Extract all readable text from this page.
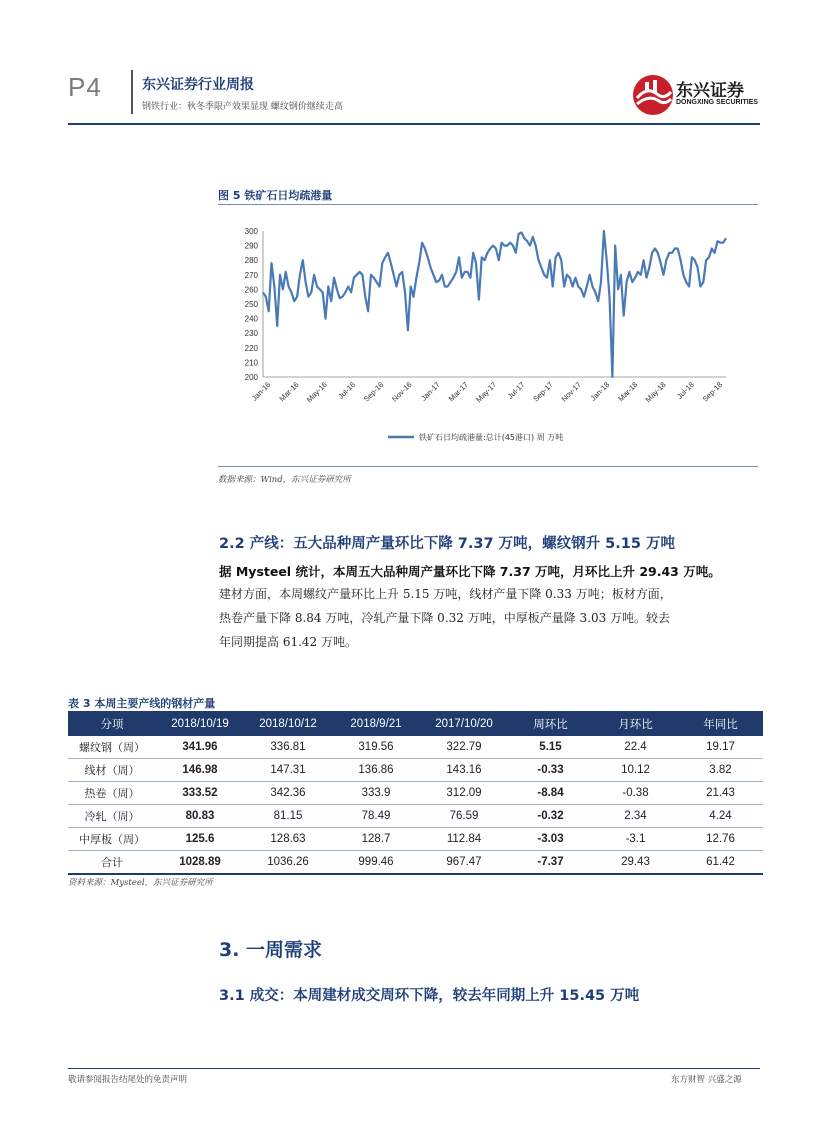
P4	东兴证券行业周报
钢铁行业：秋冬季限产效果显现 螺纹钢价继续走高
东兴证券
DONGXING SECURITIES
图 5 铁矿石日均疏港量
200
210
220
230
240
250
260
270
280
290
300
Jan-16 Mar-16 May-16 Jul-16 Sep-16 Nov-16 Jan-17 Mar-17 May-17 Jul-17 Sep-17 Nov-17 Jan-18 Mar-18 May-18 Jul-18 Sep-18
铁矿石日均疏港量:总计(45港口) 周 万吨
数据来源：Wind，东兴证券研究所
2.2 产线：五大品种周产量环比下降 7.37 万吨，螺纹钢升 5.15 万吨
据 Mysteel 统计，本周五大品种周产量环比下降 7.37 万吨，月环比上升 29.43 万吨。
建材方面，本周螺纹产量环比上升 5.15 万吨，线材产量下降 0.33 万吨；板材方面，
热卷产量下降 8.84 万吨，冷轧产量下降 0.32 万吨，中厚板产量降 3.03 万吨。较去
年同期提高 61.42 万吨。
表 3 本周主要产线的钢材产量
分项	2018/10/19	2018/10/12	2018/9/21	2017/10/20	周环比	月环比	年同比
螺纹钢（周）	341.96	336.81	319.56	322.79	5.15	22.4	19.17
线材（周）	146.98	147.31	136.86	143.16	-0.33	10.12	3.82
热卷（周）	333.52	342.36	333.9	312.09	-8.84	-0.38	21.43
冷轧（周）	80.83	81.15	78.49	76.59	-0.32	2.34	4.24
中厚板（周）	125.6	128.63	128.7	112.84	-3.03	-3.1	12.76
合计	1028.89	1036.26	999.46	967.47	-7.37	29.43	61.42
资料来源：Mysteel，东兴证券研究所
3. 一周需求
3.1 成交：本周建材成交周环下降，较去年同期上升 15.45 万吨
敬请参阅报告结尾处的免责声明	东方财智 兴盛之源
